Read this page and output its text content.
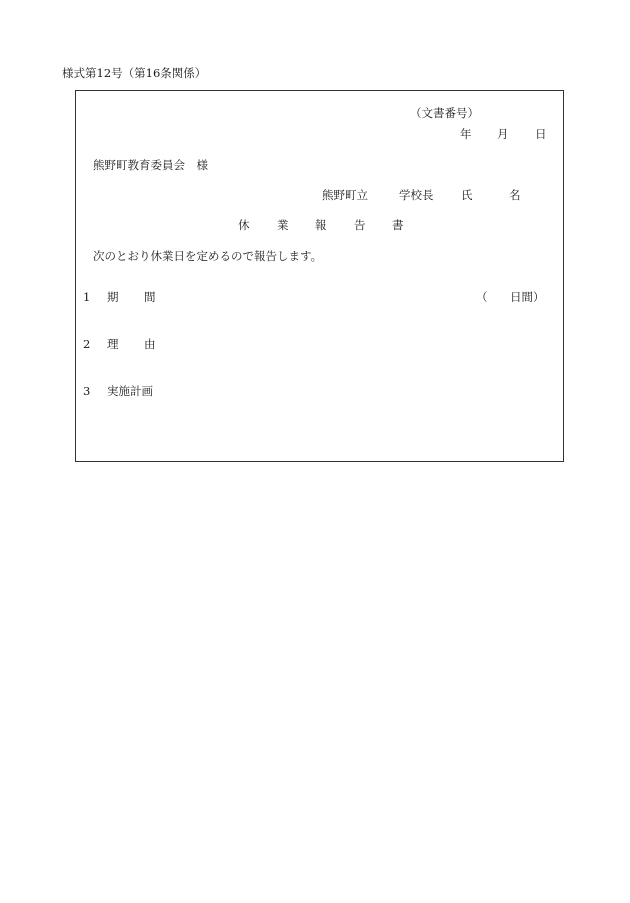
様式第12号（第16条関係）
（文書番号）
年 月 日
熊野町教育委員会　様
熊野町立	学校長 氏	名
休 業 報 告 書
次のとおり休業日を定めるので報告します。
1 期 間	（ 日間）
2 理 由
3 実施計画
